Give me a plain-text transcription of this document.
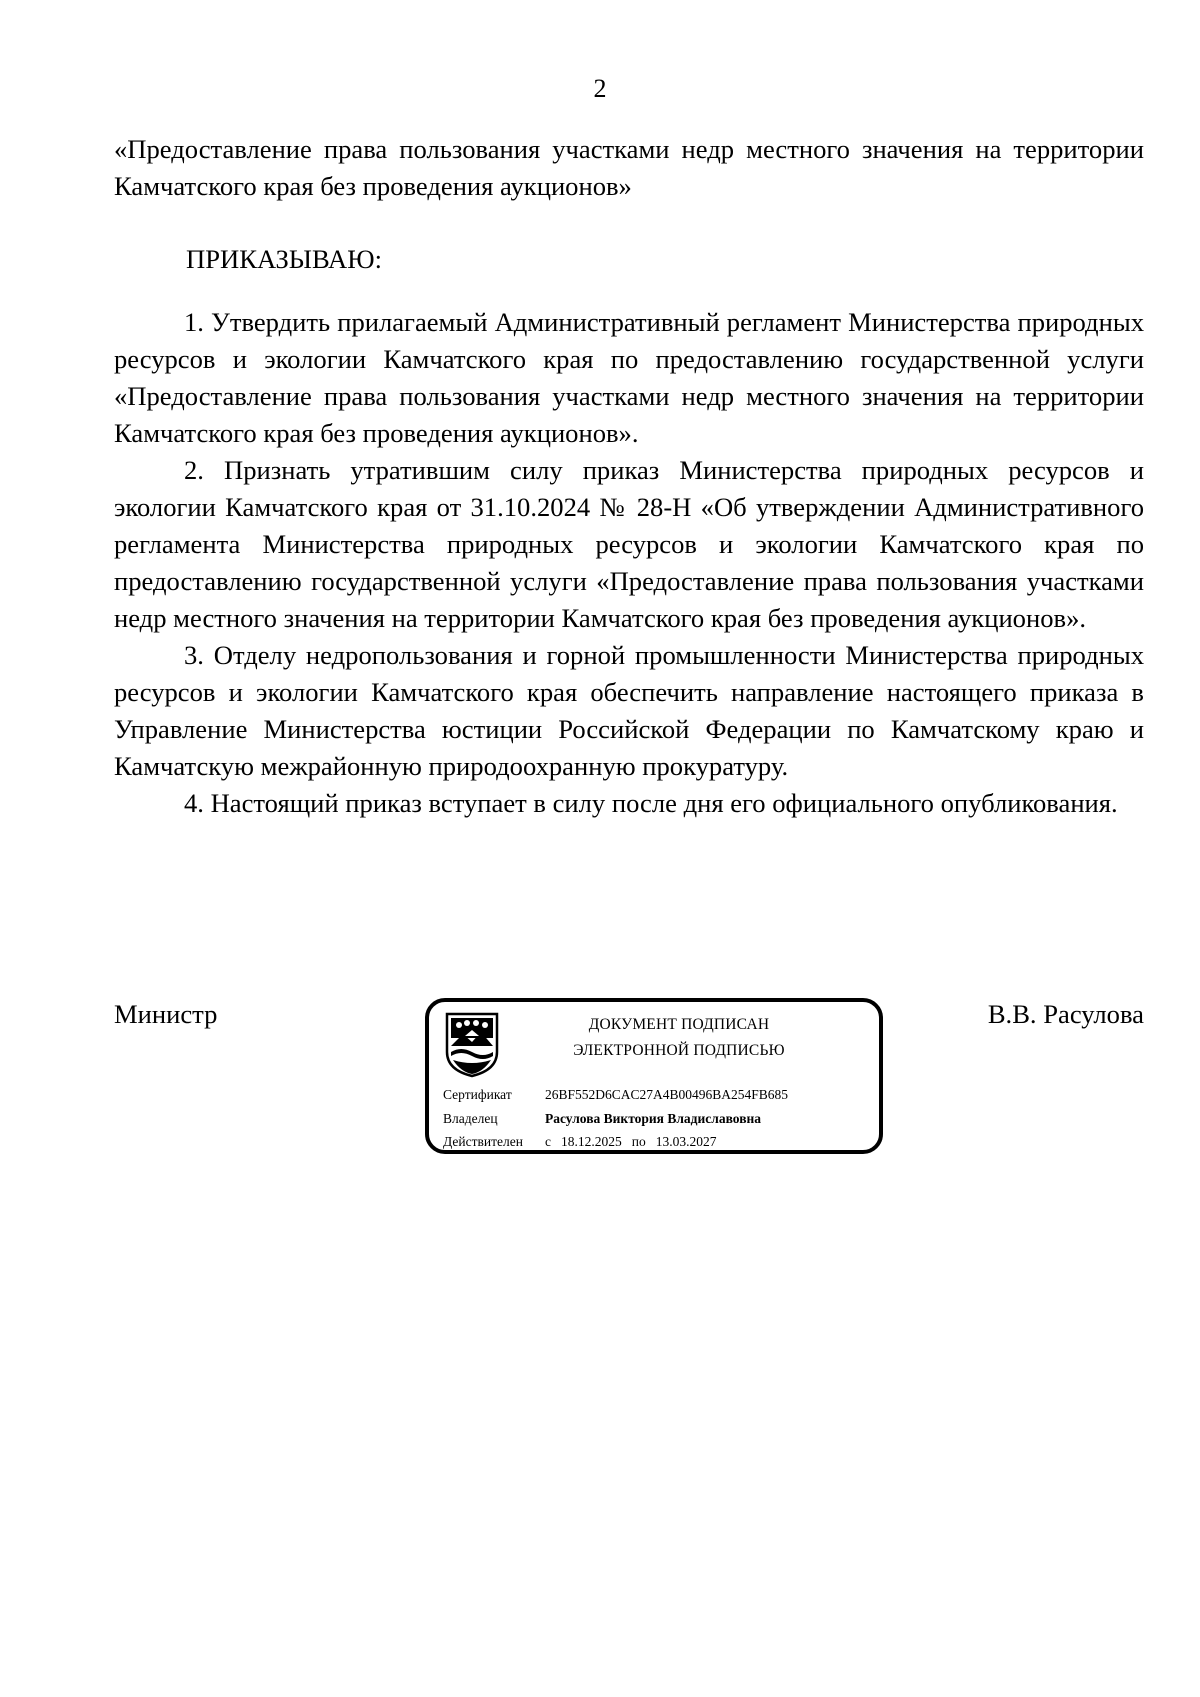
2

«Предоставление права пользования участками недр местного значения на территории Камчатского края без проведения аукционов»

ПРИКАЗЫВАЮ:

1. Утвердить прилагаемый Административный регламент Министерства природных ресурсов и экологии Камчатского края по предоставлению государственной услуги «Предоставление права пользования участками недр местного значения на территории Камчатского края без проведения аукционов».

2. Признать утратившим силу приказ Министерства природных ресурсов и экологии Камчатского края от 31.10.2024 № 28-Н «Об утверждении Административного регламента Министерства природных ресурсов и экологии Камчатского края по предоставлению государственной услуги «Предоставление права пользования участками недр местного значения на территории Камчатского края без проведения аукционов».

3. Отделу недропользования и горной промышленности Министерства природных ресурсов и экологии Камчатского края обеспечить направление настоящего приказа в Управление Министерства юстиции Российской Федерации по Камчатскому краю и Камчатскую межрайонную природоохранную прокуратуру.

4. Настоящий приказ вступает в силу после дня его официального опубликования.

Министр	В.В. Расулова
ДОКУМЕНТ ПОДПИСАН
ЭЛЕКТРОННОЙ ПОДПИСЬЮ
Сертификат 26BF552D6CAC27A4B00496BA254FB685
Владелец	Расулова Виктория Владиславовна
Действителен с 18.12.2025 по 13.03.2027
